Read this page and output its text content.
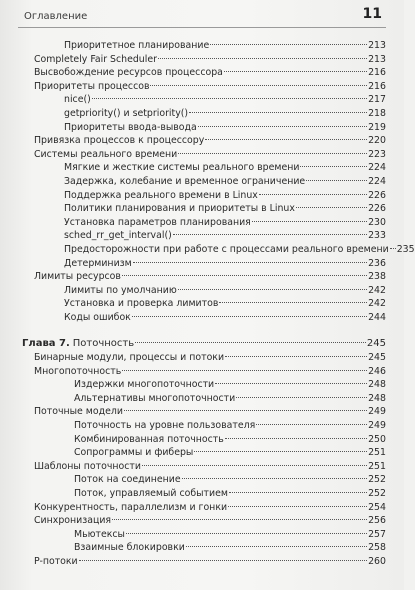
Оглавление	11
Приоритетное планирование	213
Completely Fair Scheduler	213
Высвобождение ресурсов процессора	216
Приоритеты процессов	216
nice()	217
getpriority() и setpriority()	218
Приоритеты ввода-вывода	219
Привязка процессов к процессору	220
Системы реального времени	223
Мягкие и жесткие системы реального времени	224
Задержка, колебание и временное ограничение	224
Поддержка реального времени в Linux	226
Политики планирования и приоритеты в Linux	226
Установка параметров планирования	230
sched_rr_get_interval()	233
Предосторожности при работе с процессами реального времени 235
Детерминизм	236
Лимиты ресурсов	238
Лимиты по умолчанию	242
Установка и проверка лимитов	242
Коды ошибок	244
Глава 7. Поточность	245
Бинарные модули, процессы и потоки	245
Многопоточность	246
Издержки многопоточности	248
Альтернативы многопоточности	248
Поточные модели	249
Поточность на уровне пользователя	249
Комбинированная поточность	250
Сопрограммы и фиберы	251
Шаблоны поточности	251
Поток на соединение	252
Поток, управляемый событием	252
Конкурентность, параллелизм и гонки	254
Синхронизация	256
Мьютексы	257
Взаимные блокировки	258
P-потоки	260
